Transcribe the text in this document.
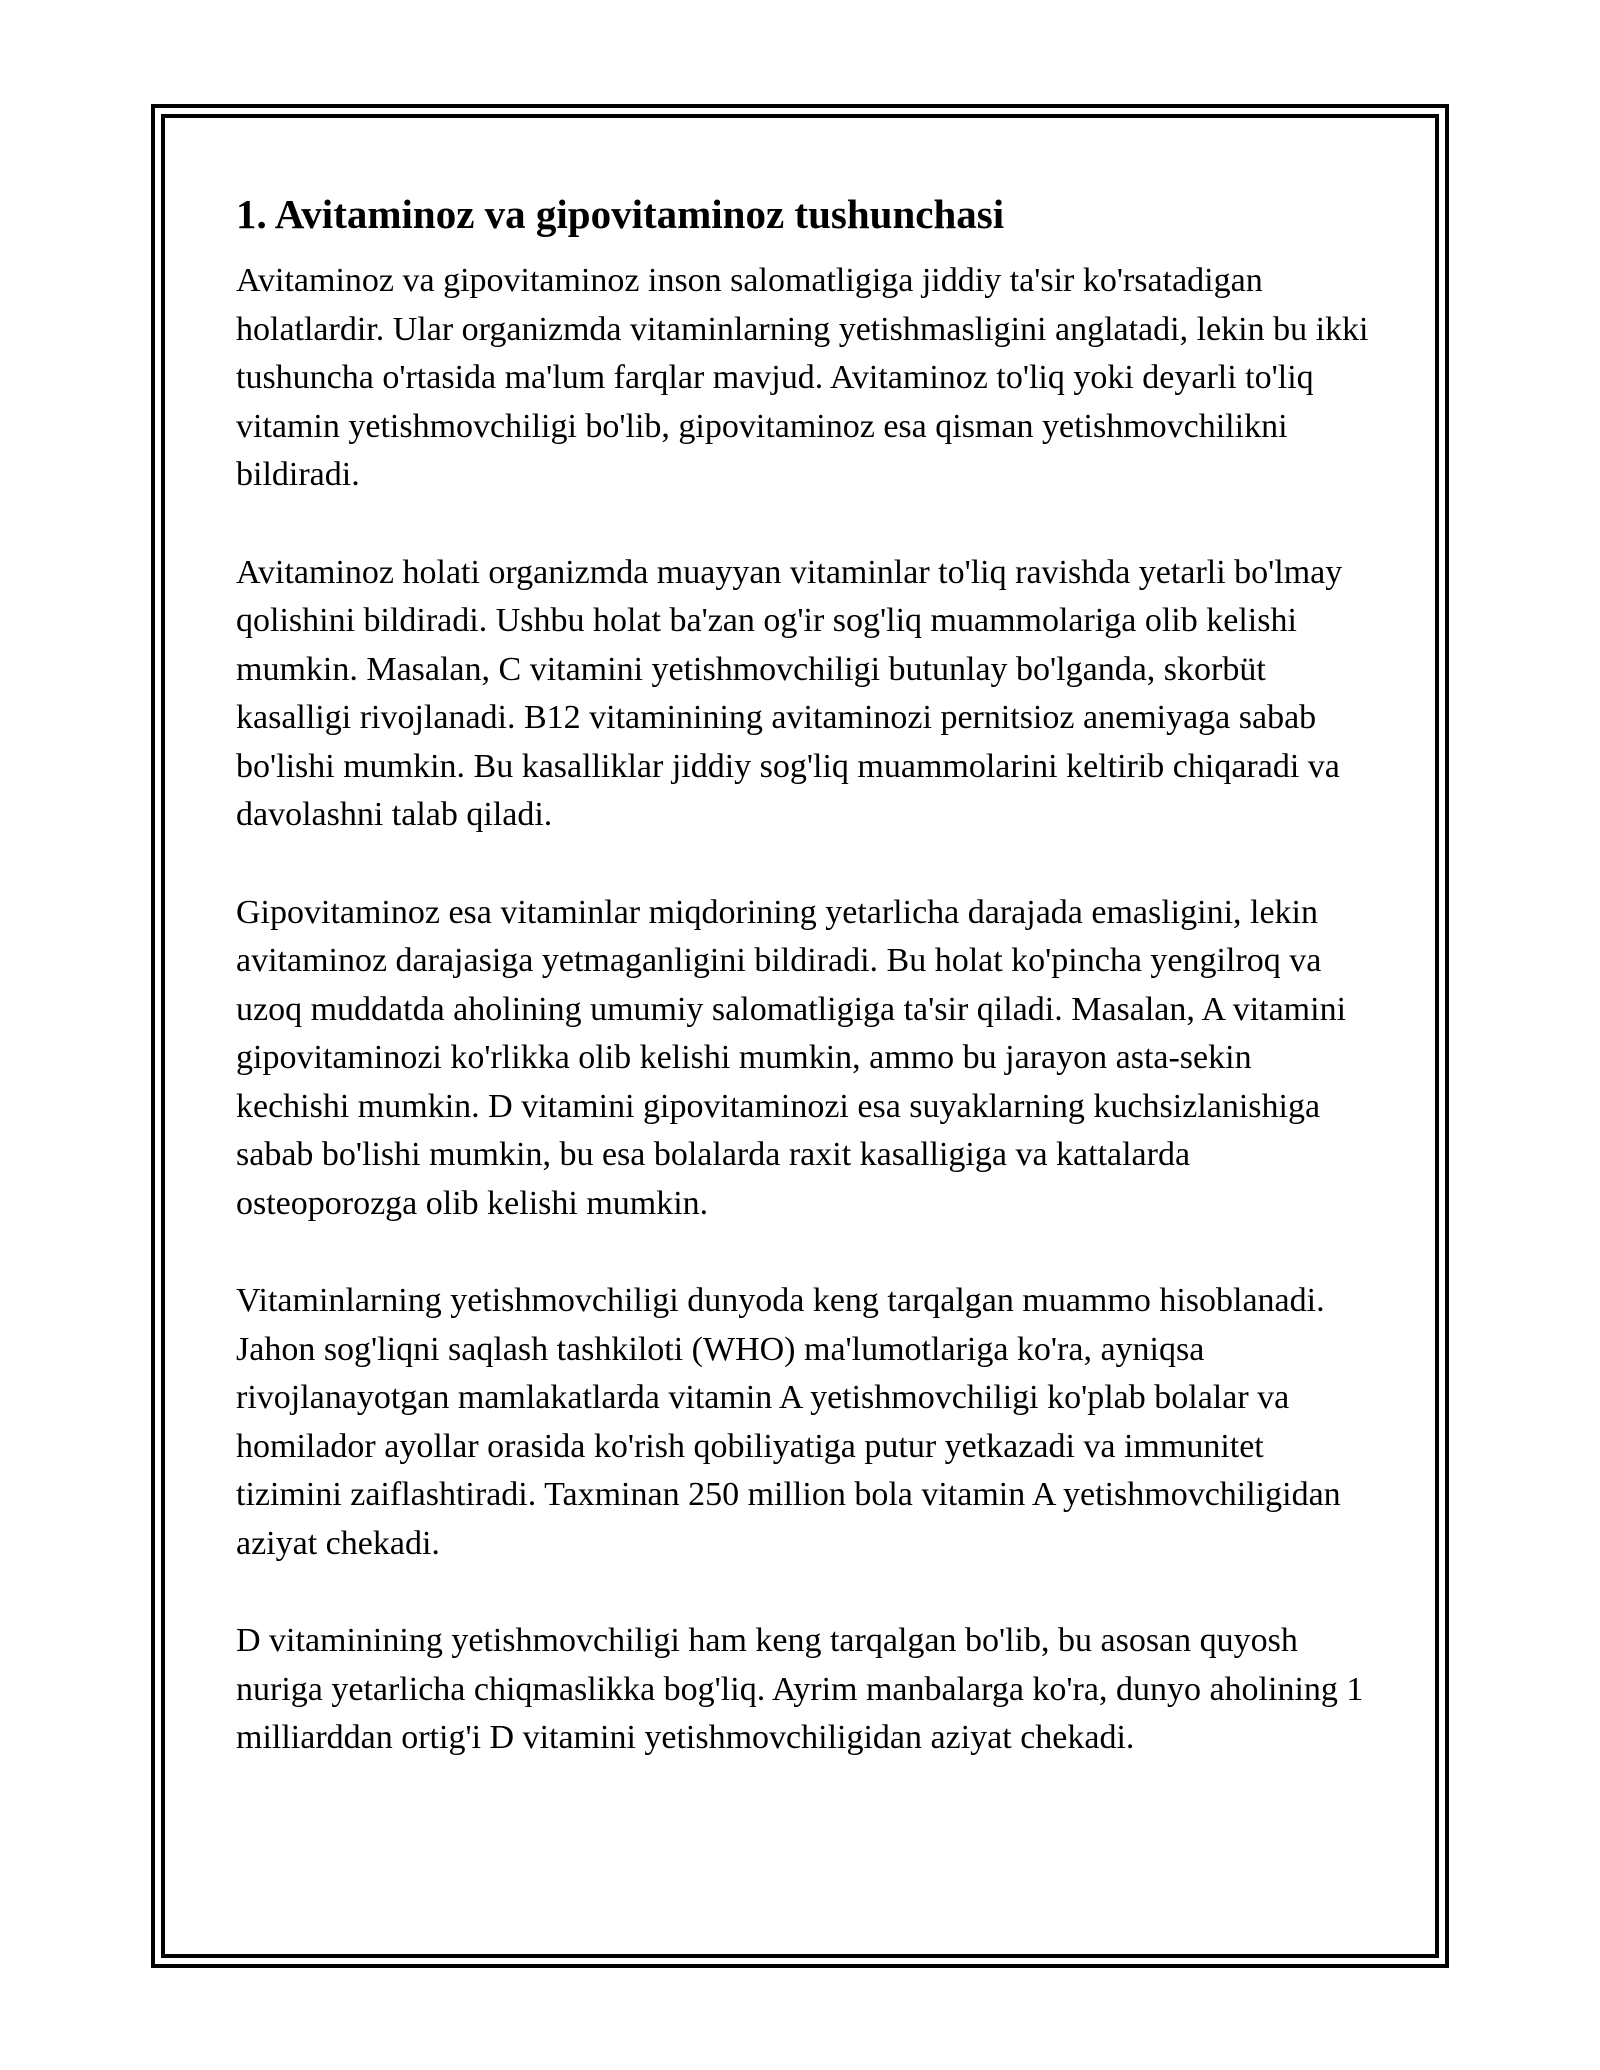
1. Avitaminoz va gipovitaminoz tushunchasi

Avitaminoz va gipovitaminoz inson salomatligiga jiddiy ta'sir ko'rsatadigan holatlardir. Ular organizmda vitaminlarning yetishmasligini anglatadi, lekin bu ikki tushuncha o'rtasida ma'lum farqlar mavjud. Avitaminoz to'liq yoki deyarli to'liq vitamin yetishmovchiligi bo'lib, gipovitaminoz esa qisman yetishmovchilikni bildiradi.

Avitaminoz holati organizmda muayyan vitaminlar to'liq ravishda yetarli bo'lmay qolishini bildiradi. Ushbu holat ba'zan og'ir sog'liq muammolariga olib kelishi mumkin. Masalan, C vitamini yetishmovchiligi butunlay bo'lganda, skorbüt kasalligi rivojlanadi. B12 vitaminining avitaminozi pernitsioz anemiyaga sabab bo'lishi mumkin. Bu kasalliklar jiddiy sog'liq muammolarini keltirib chiqaradi va davolashni talab qiladi.

Gipovitaminoz esa vitaminlar miqdorining yetarlicha darajada emasligini, lekin avitaminoz darajasiga yetmaganligini bildiradi. Bu holat ko'pincha yengilroq va uzoq muddatda aholining umumiy salomatligiga ta'sir qiladi. Masalan, A vitamini gipovitaminozi ko'rlikka olib kelishi mumkin, ammo bu jarayon asta-sekin kechishi mumkin. D vitamini gipovitaminozi esa suyaklarning kuchsizlanishiga sabab bo'lishi mumkin, bu esa bolalarda raxit kasalligiga va kattalarda osteoporozga olib kelishi mumkin.

Vitaminlarning yetishmovchiligi dunyoda keng tarqalgan muammo hisoblanadi. Jahon sog'liqni saqlash tashkiloti (WHO) ma'lumotlariga ko'ra, ayniqsa rivojlanayotgan mamlakatlarda vitamin A yetishmovchiligi ko'plab bolalar va homilador ayollar orasida ko'rish qobiliyatiga putur yetkazadi va immunitet tizimini zaiflashtiradi. Taxminan 250 million bola vitamin A yetishmovchiligidan aziyat chekadi.

D vitaminining yetishmovchiligi ham keng tarqalgan bo'lib, bu asosan quyosh nuriga yetarlicha chiqmaslikka bog'liq. Ayrim manbalarga ko'ra, dunyo aholining 1 milliarddan ortig'i D vitamini yetishmovchiligidan aziyat chekadi.
